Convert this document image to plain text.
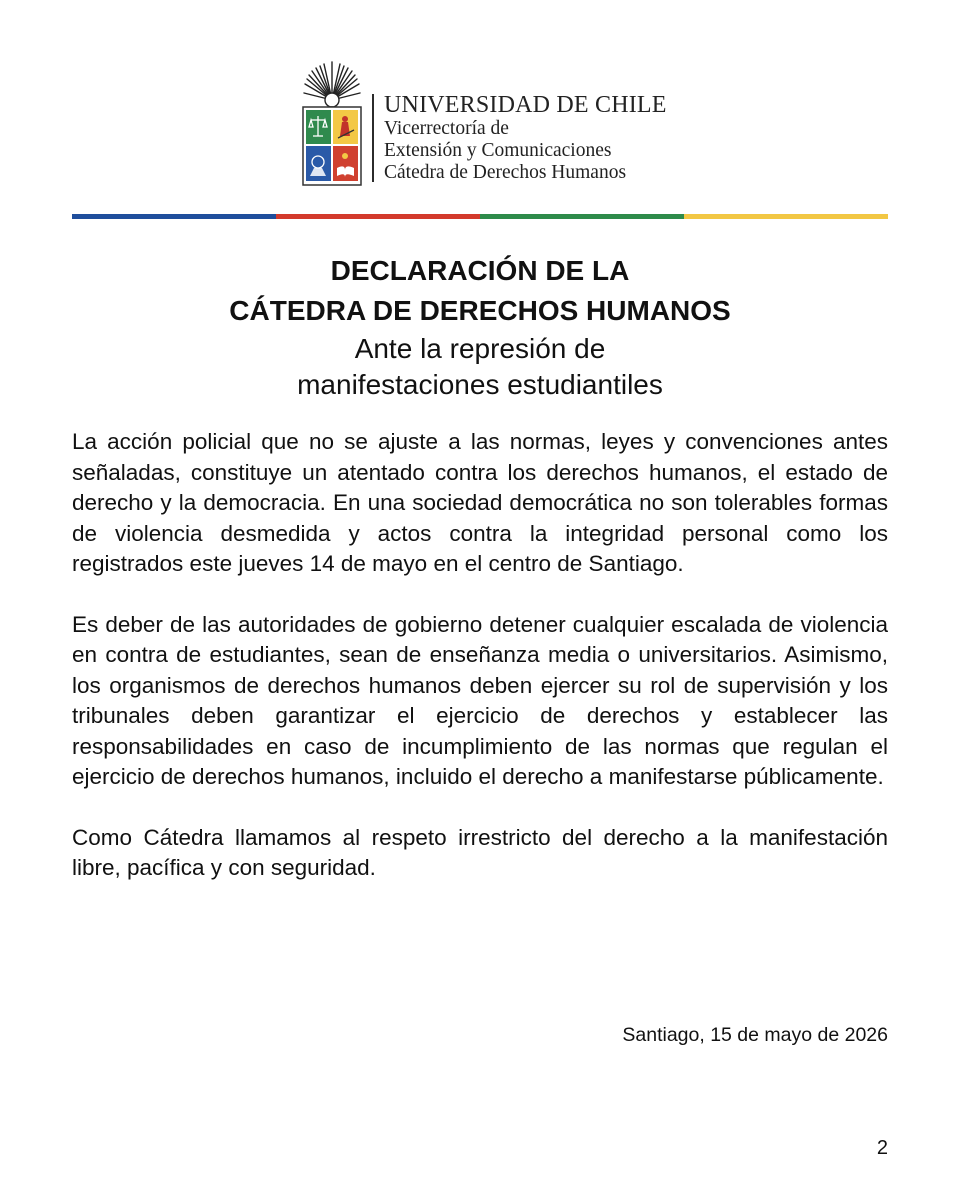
UNIVERSIDAD DE CHILE
Vicerrectoría de
Extensión y Comunicaciones
Cátedra de Derechos Humanos
DECLARACIÓN DE LA
CÁTEDRA DE DERECHOS HUMANOS
Ante la represión de
manifestaciones estudiantiles

La acción policial que no se ajuste a las normas, leyes y convenciones antes señaladas, constituye un atentado contra los derechos humanos, el estado de derecho y la democracia. En una sociedad democrática no son tolerables formas de violencia desmedida y actos contra la integridad personal como los registrados este jueves 14 de mayo en el centro de Santiago.

Es deber de las autoridades de gobierno detener cualquier escalada de violencia en contra de estudiantes, sean de enseñanza media o universitarios. Asimismo, los organismos de derechos humanos deben ejercer su rol de supervisión y los tribunales deben garantizar el ejercicio de derechos y establecer las responsabilidades en caso de incumplimiento de las normas que regulan el ejercicio de derechos humanos, incluido el derecho a manifestarse públicamente.

Como Cátedra llamamos al respeto irrestricto del derecho a la manifestación libre, pacífica y con seguridad.

Santiago, 15 de mayo de 2026
2
